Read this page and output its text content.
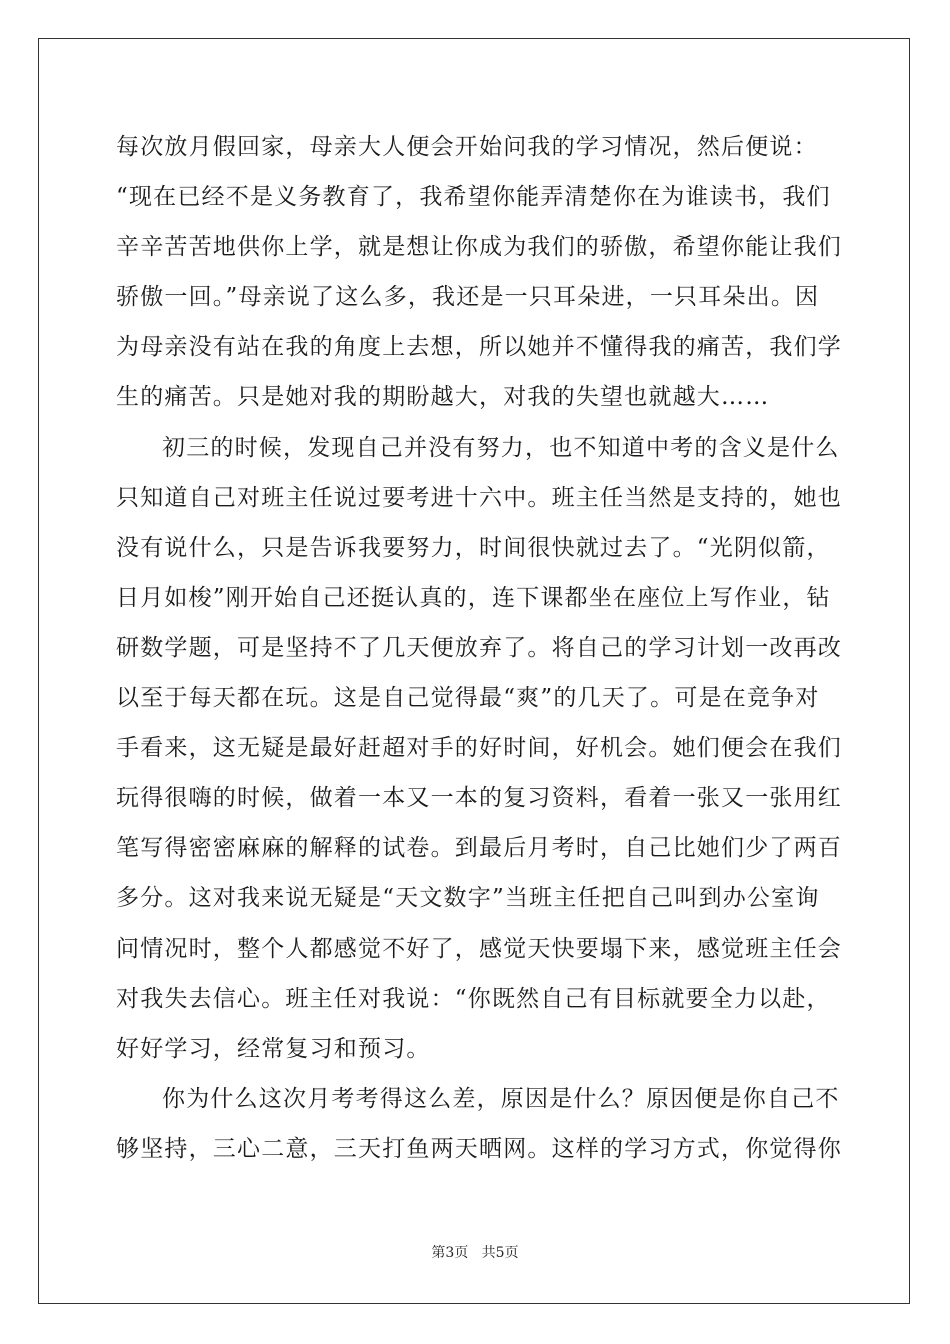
每次放月假回家，母亲大人便会开始问我的学习情况，然后便说：
“现在已经不是义务教育了，我希望你能弄清楚你在为谁读书，我们
辛辛苦苦地供你上学，就是想让你成为我们的骄傲，希望你能让我们
骄傲一回。”母亲说了这么多，我还是一只耳朵进，一只耳朵出。因
为母亲没有站在我的角度上去想，所以她并不懂得我的痛苦，我们学
生的痛苦。只是她对我的期盼越大，对我的失望也就越大……
初三的时候，发现自己并没有努力，也不知道中考的含义是什么
只知道自己对班主任说过要考进十六中。班主任当然是支持的，她也
没有说什么，只是告诉我要努力，时间很快就过去了。“光阴似箭，
日月如梭”刚开始自己还挺认真的，连下课都坐在座位上写作业，钻
研数学题，可是坚持不了几天便放弃了。将自己的学习计划一改再改
以至于每天都在玩。这是自己觉得最“爽”的几天了。可是在竞争对
手看来，这无疑是最好赶超对手的好时间，好机会。她们便会在我们
玩得很嗨的时候，做着一本又一本的复习资料，看着一张又一张用红
笔写得密密麻麻的解释的试卷。到最后月考时，自己比她们少了两百
多分。这对我来说无疑是“天文数字”当班主任把自己叫到办公室询
问情况时，整个人都感觉不好了，感觉天快要塌下来，感觉班主任会
对我失去信心。班主任对我说：“你既然自己有目标就要全力以赴，
好好学习，经常复习和预习。
你为什么这次月考考得这么差，原因是什么？原因便是你自己不
够坚持，三心二意，三天打鱼两天晒网。这样的学习方式，你觉得你
第3页   共5页
